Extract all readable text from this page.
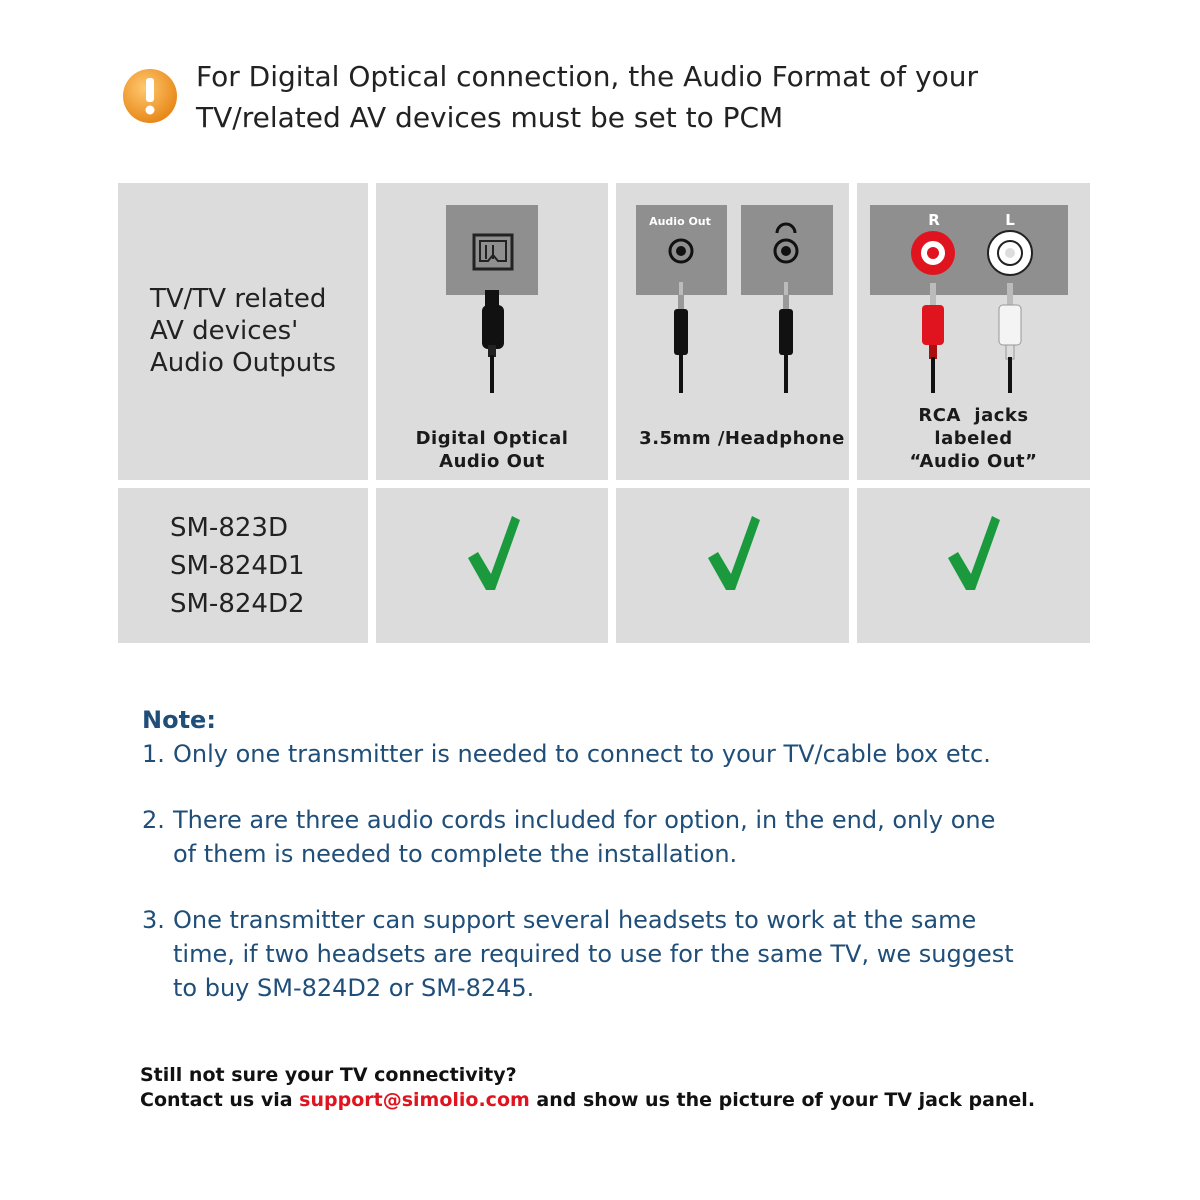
For Digital Optical connection, the Audio Format of your
TV/related AV devices must be set to PCM
TV/TV related
AV devices'
Audio Outputs
Audio Out	R	L
Digital Optical
Audio Out
3.5mm /Headphone
RCA  jacks
labeled
“Audio Out”
SM-823D
SM-824D1
SM-824D2
Note:
1. Only one transmitter is needed to connect to your TV/cable box etc.
2. There are three audio cords included for option, in the end, only one
of them is needed to complete the installation.
3. One transmitter can support several headsets to work at the same
time, if two headsets are required to use for the same TV, we suggest
to buy SM-824D2 or SM-8245.
Still not sure your TV connectivity?
Contact us via support@simolio.com and show us the picture of your TV jack panel.
